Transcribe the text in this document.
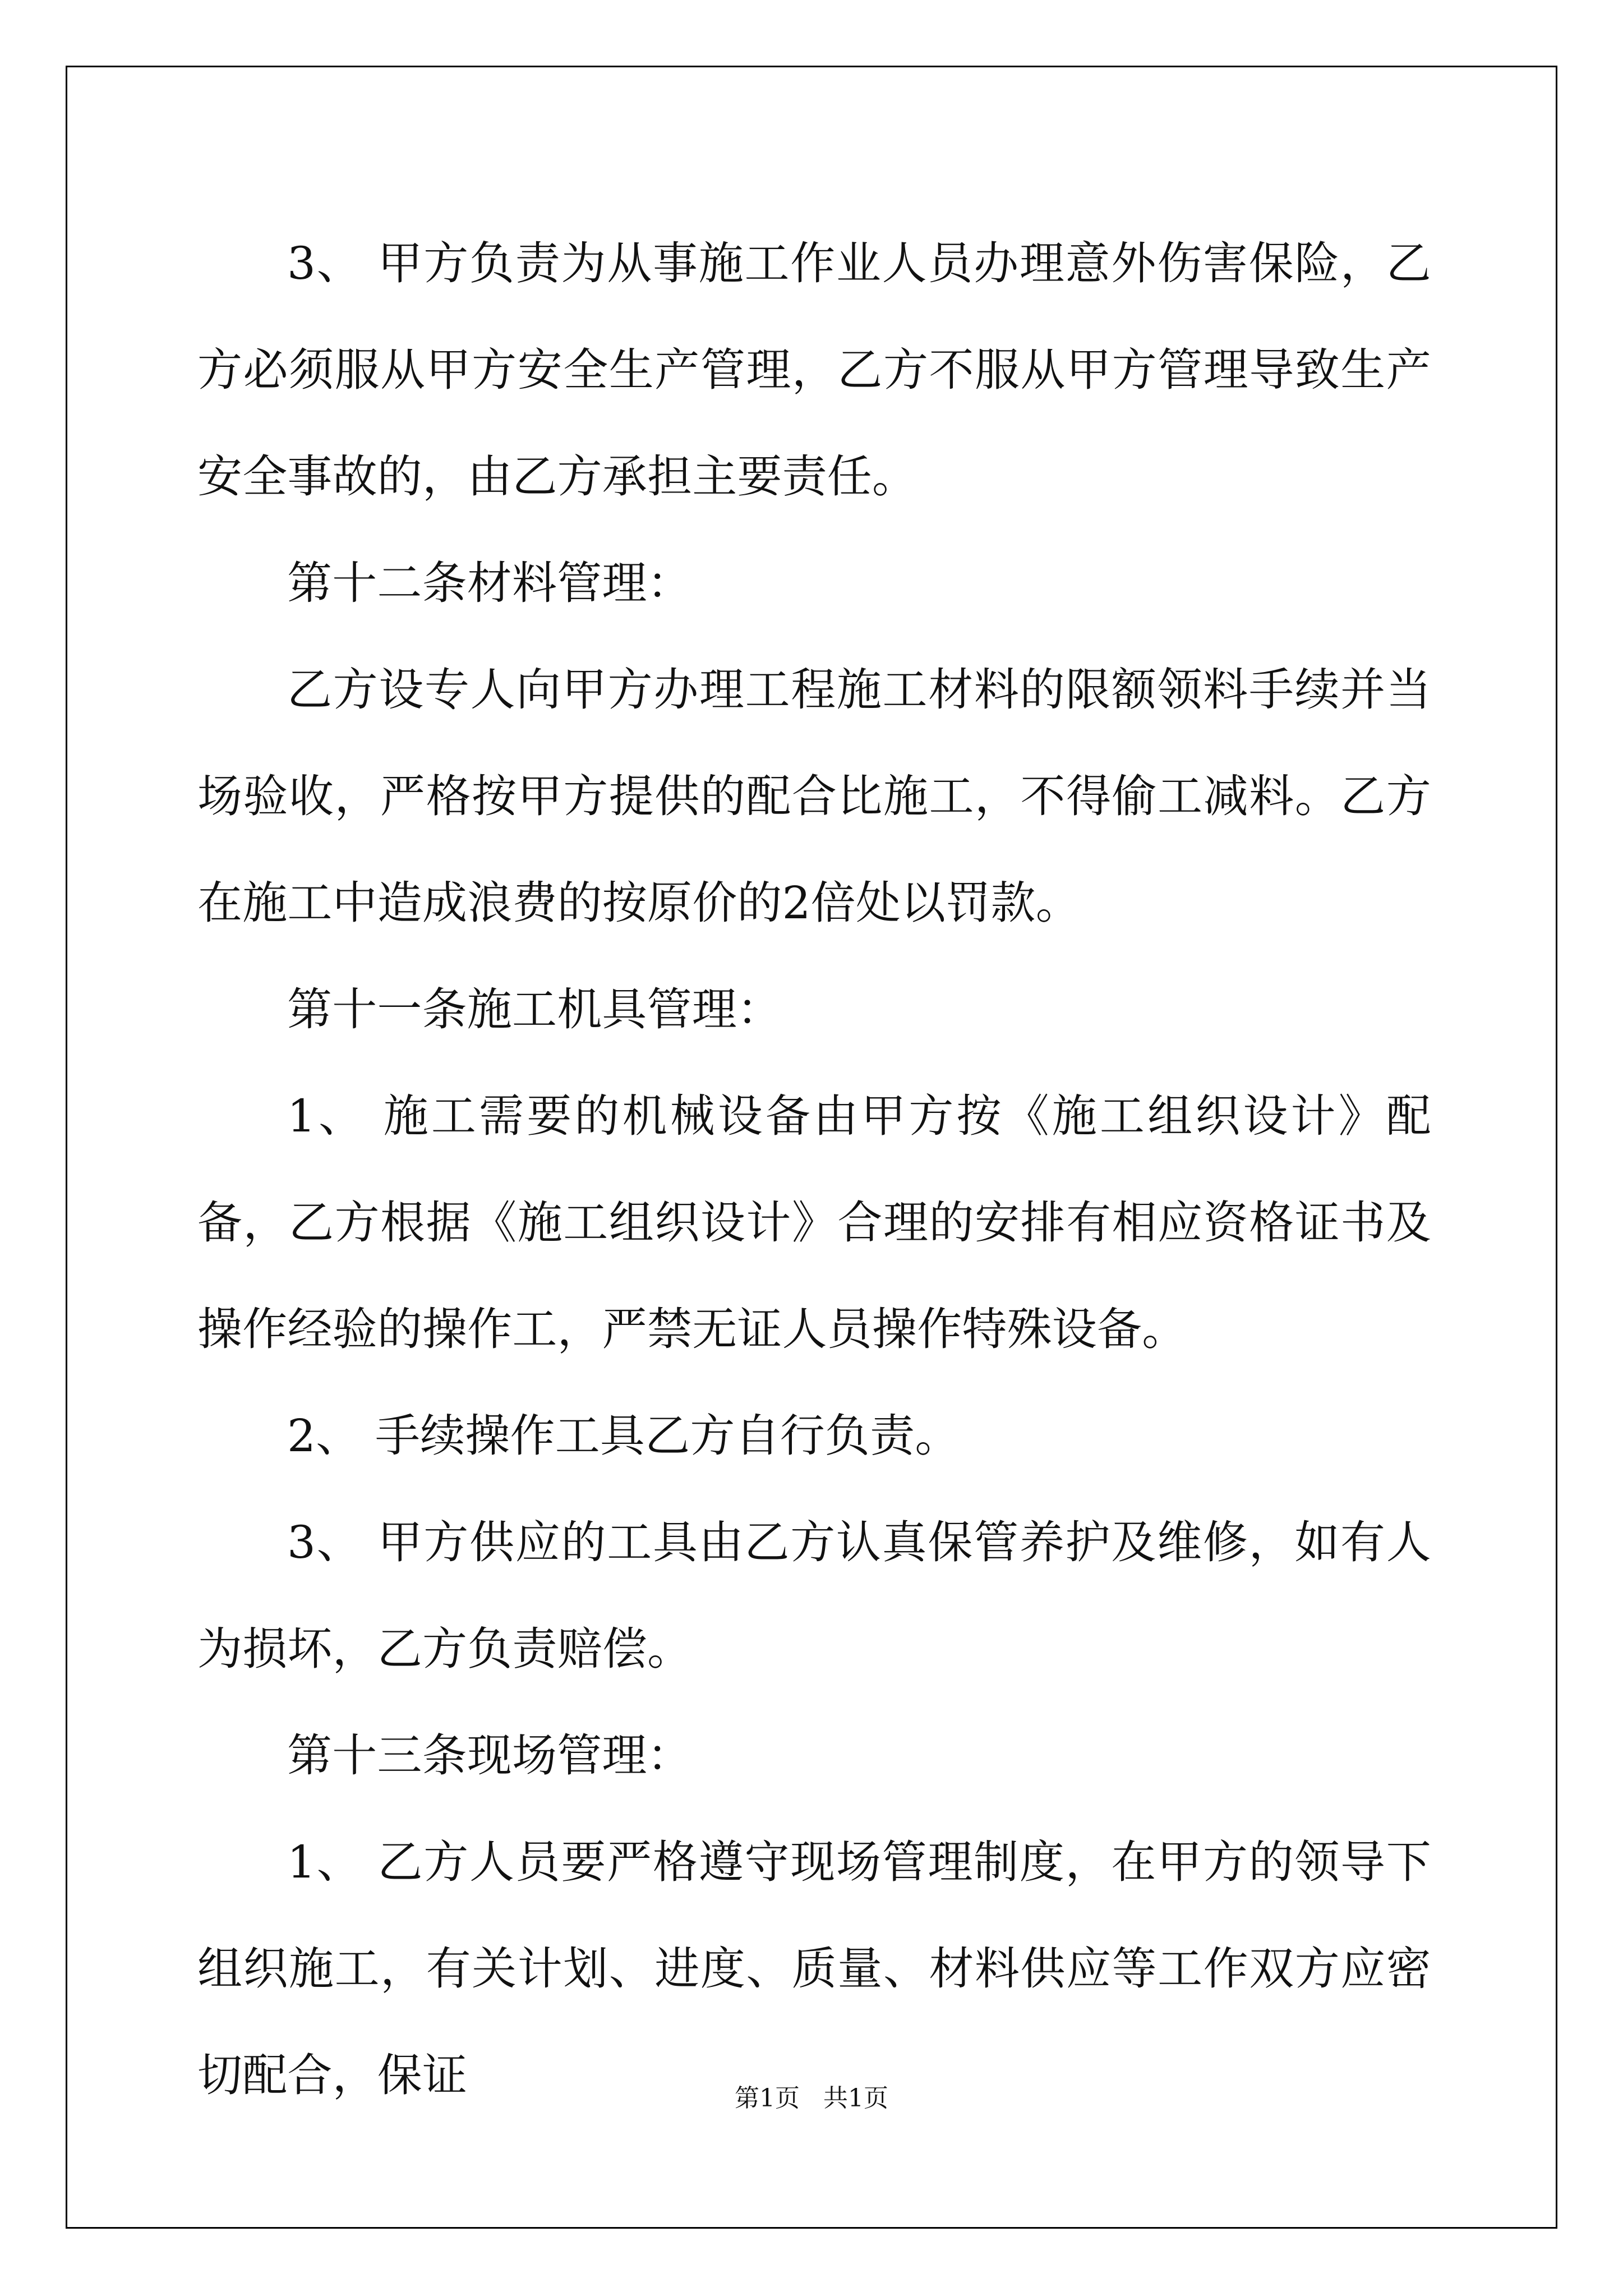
3、 甲方负责为从事施工作业人员办理意外伤害保险，乙方必须服从甲方安全生产管理，乙方不服从甲方管理导致生产安全事故的，由乙方承担主要责任。

第十二条材料管理：

乙方设专人向甲方办理工程施工材料的限额领料手续并当场验收，严格按甲方提供的配合比施工，不得偷工减料。乙方在施工中造成浪费的按原价的2倍处以罚款。

第十一条施工机具管理：

1、 施工需要的机械设备由甲方按《施工组织设计》配备，乙方根据《施工组织设计》合理的安排有相应资格证书及操作经验的操作工，严禁无证人员操作特殊设备。

2、 手续操作工具乙方自行负责。

3、 甲方供应的工具由乙方认真保管养护及维修，如有人为损坏，乙方负责赔偿。

第十三条现场管理：

1、 乙方人员要严格遵守现场管理制度，在甲方的领导下组织施工，有关计划、进度、质量、材料供应等工作双方应密切配合，保证	第1页 共1页
